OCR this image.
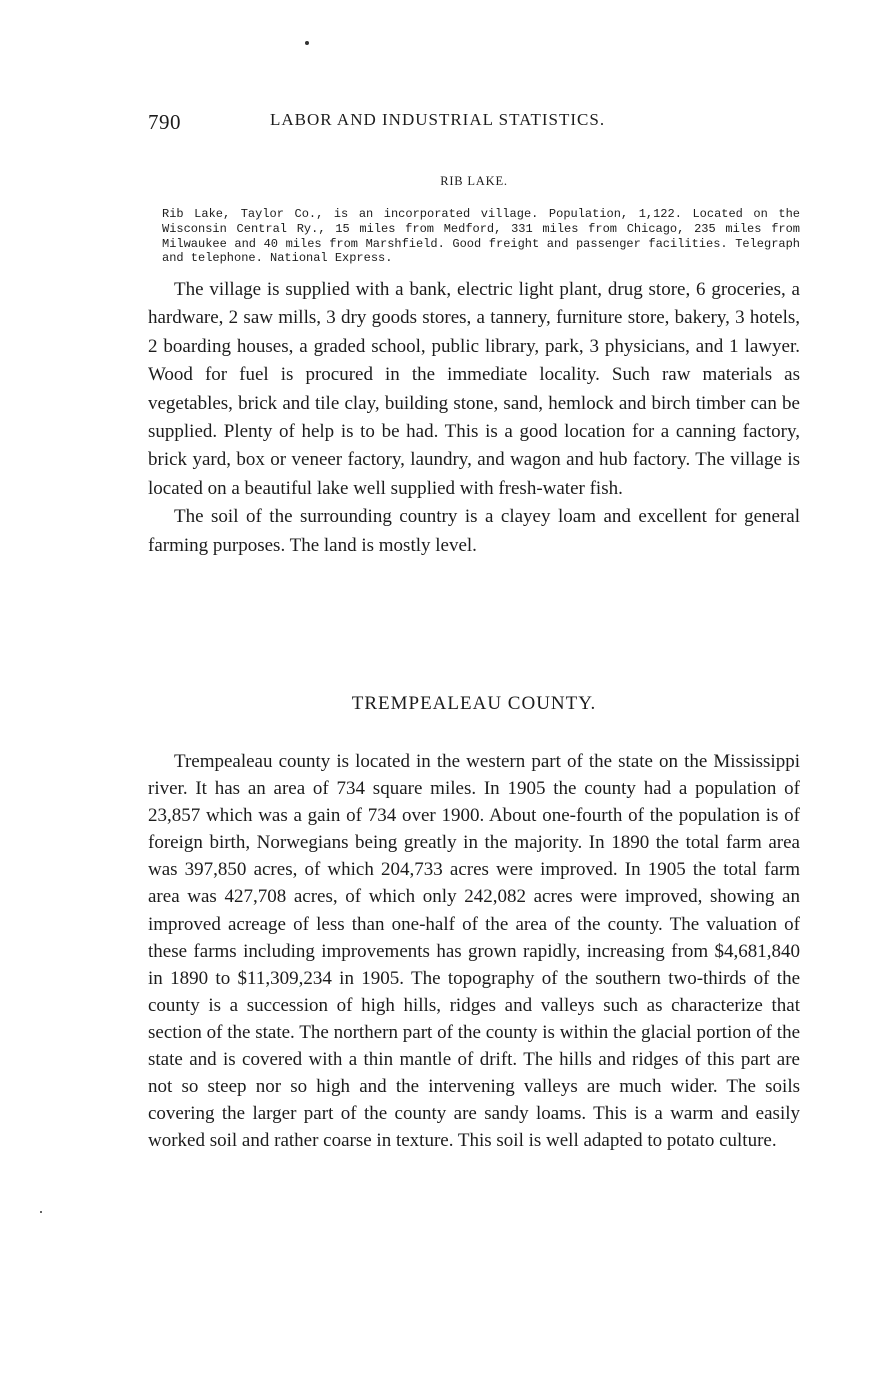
790	LABOR AND INDUSTRIAL STATISTICS.
RIB LAKE.

Rib Lake, Taylor Co., is an incorporated village. Population, 1,122. Located on the Wisconsin Central Ry., 15 miles from Medford, 331 miles from Chicago, 235 miles from Milwaukee and 40 miles from Marshfield. Good freight and passenger facilities. Telegraph and telephone. National Express.

The village is supplied with a bank, electric light plant, drug store, 6 groceries, a hardware, 2 saw mills, 3 dry goods stores, a tannery, furniture store, bakery, 3 hotels, 2 boarding houses, a graded school, public library, park, 3 physicians, and 1 lawyer. Wood for fuel is procured in the immediate locality. Such raw materials as vegetables, brick and tile clay, building stone, sand, hemlock and birch timber can be supplied. Plenty of help is to be had. This is a good location for a canning factory, brick yard, box or veneer factory, laundry, and wagon and hub factory. The village is located on a beautiful lake well supplied with fresh-water fish.

The soil of the surrounding country is a clayey loam and excellent for general farming purposes. The land is mostly level.

TREMPEALEAU COUNTY.

Trempealeau county is located in the western part of the state on the Mississippi river. It has an area of 734 square miles. In 1905 the county had a population of 23,857 which was a gain of 734 over 1900. About one-fourth of the population is of foreign birth, Norwegians being greatly in the majority. In 1890 the total farm area was 397,850 acres, of which 204,733 acres were improved. In 1905 the total farm area was 427,708 acres, of which only 242,082 acres were improved, showing an improved acreage of less than one-half of the area of the county. The valuation of these farms including improvements has grown rapidly, increasing from $4,681,840 in 1890 to $11,309,234 in 1905. The topography of the southern two-thirds of the county is a succession of high hills, ridges and valleys such as characterize that section of the state. The northern part of the county is within the glacial portion of the state and is covered with a thin mantle of drift. The hills and ridges of this part are not so steep nor so high and the intervening valleys are much wider. The soils covering the larger part of the county are sandy loams. This is a warm and easily worked soil and rather coarse in texture. This soil is well adapted to potato culture.
